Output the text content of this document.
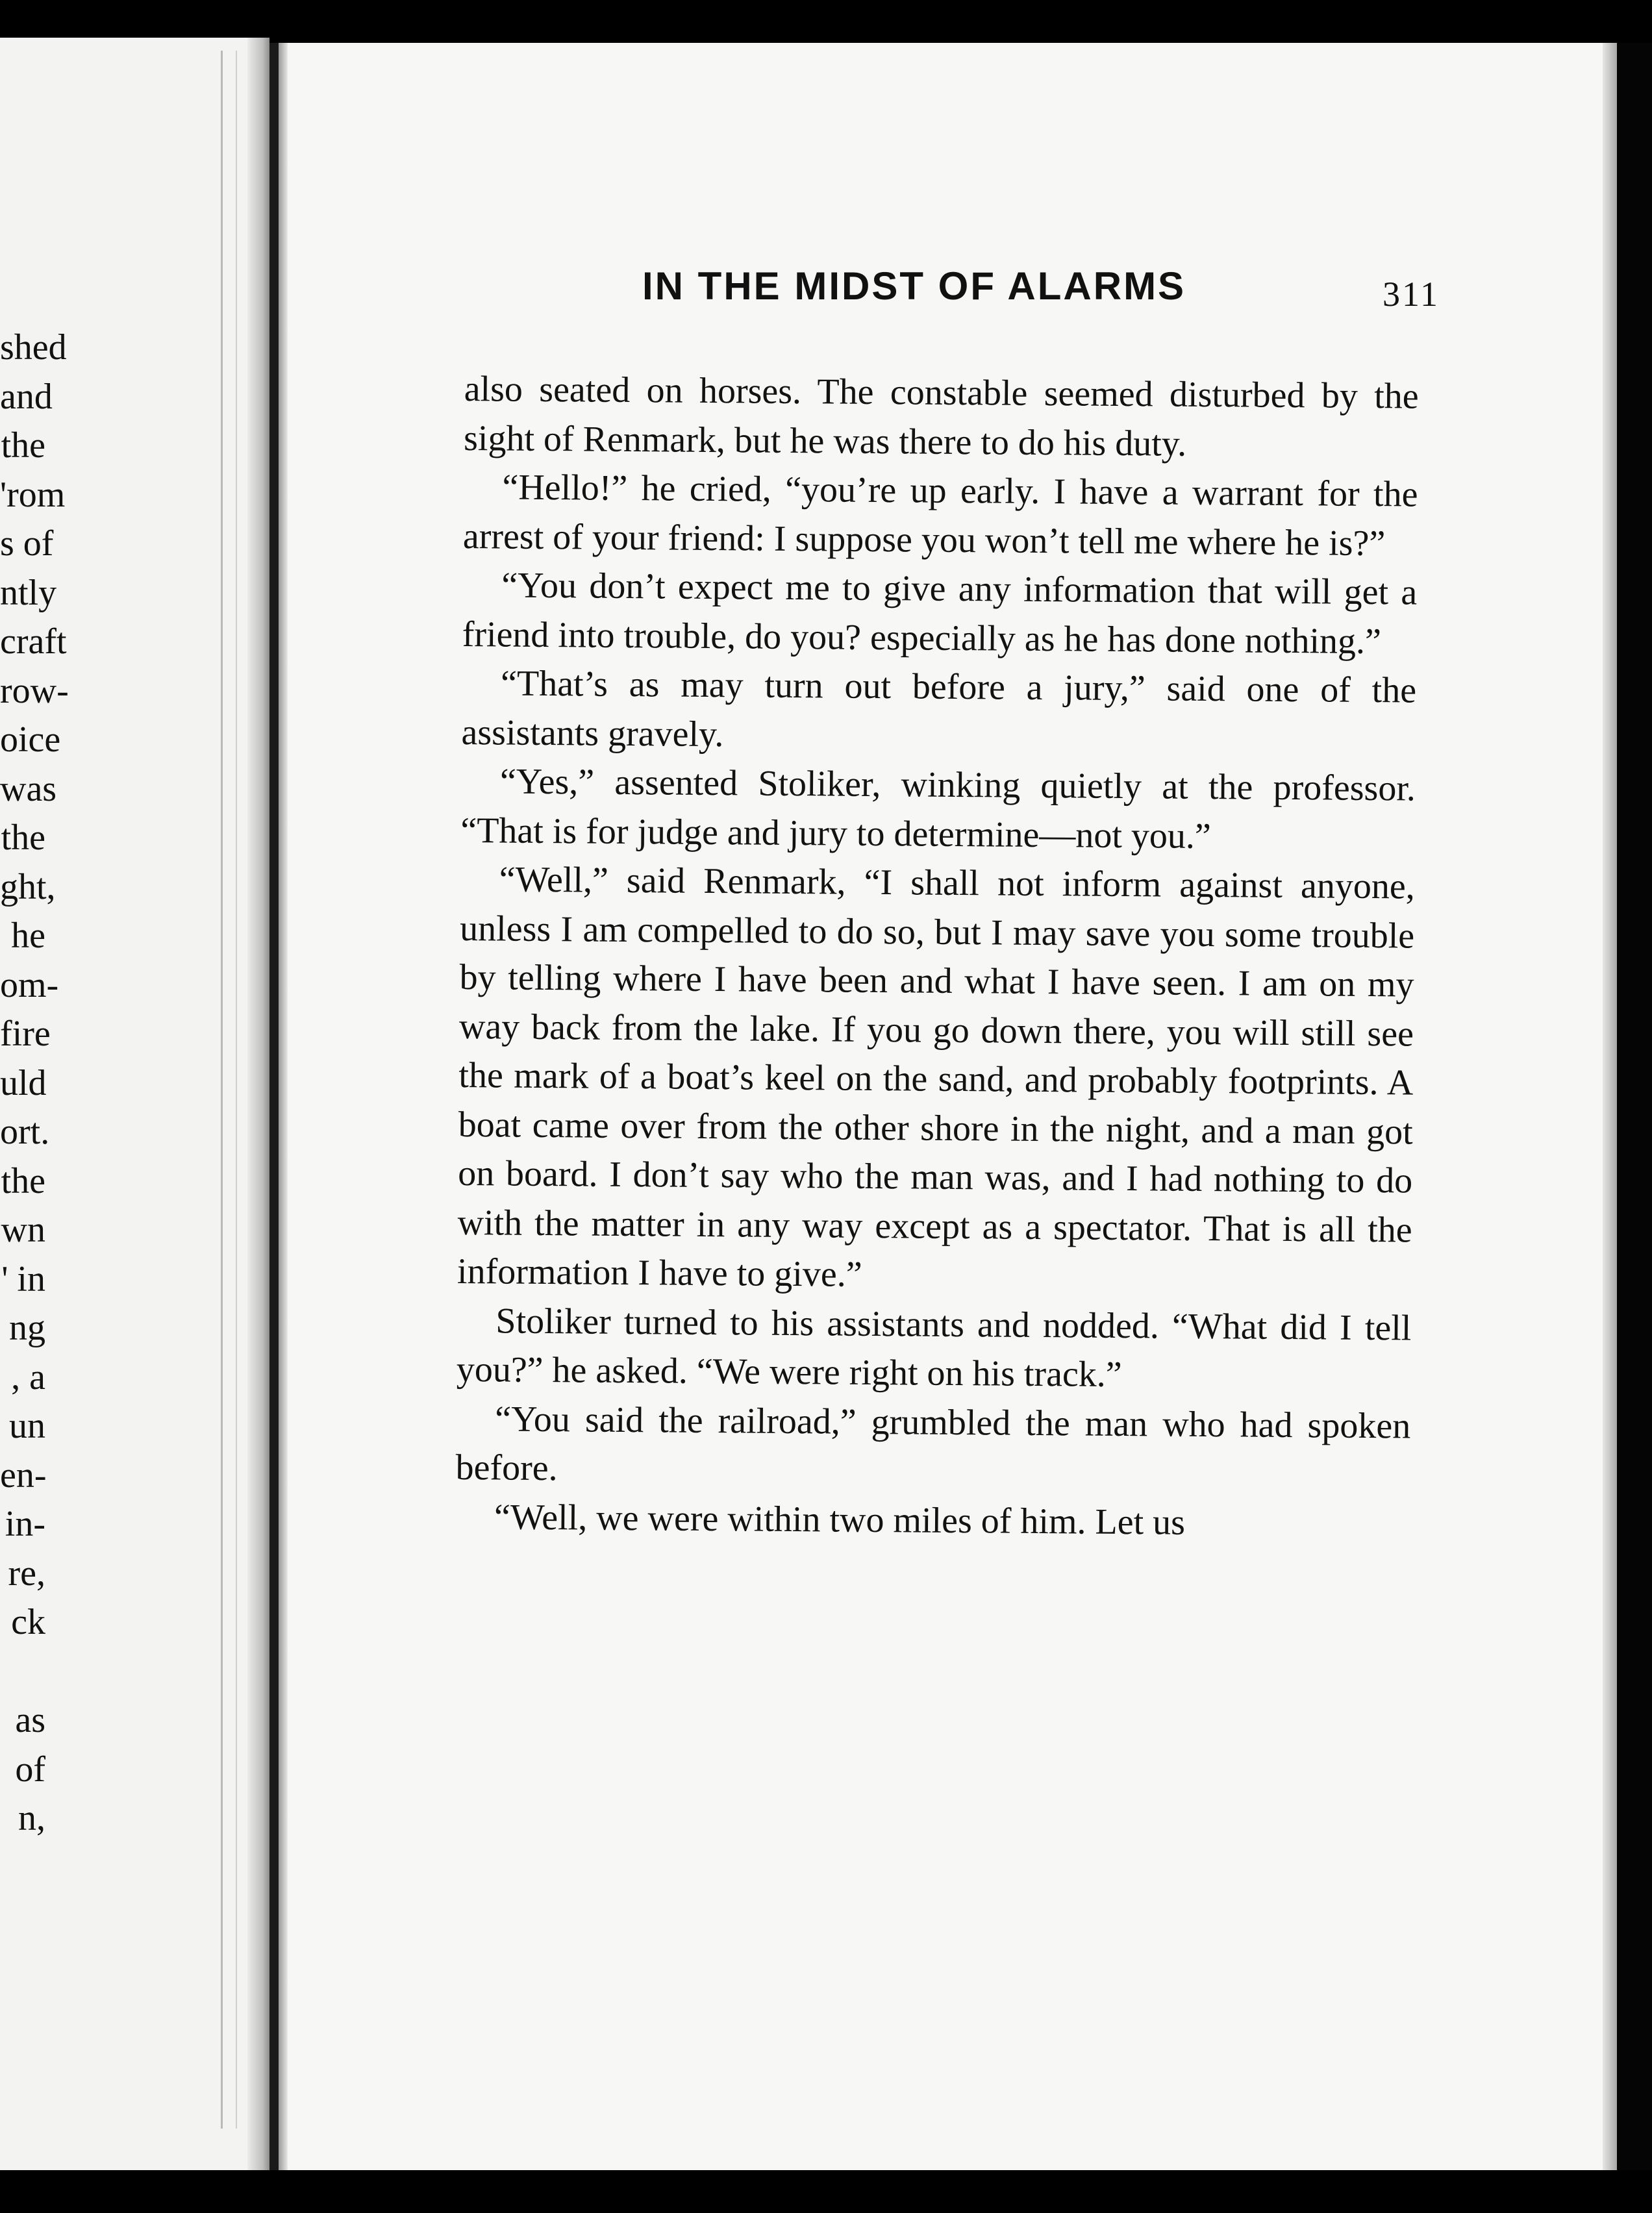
shed
and
the
'rom
s of
ntly
craft
row-
oice
was
the
ght,
he
om-
fire
uld
ort.
the
wn
' in
ng
, a
un
en-
in-
re,
ck
as
of
n,
IN THE MIDST OF ALARMS	311

also seated on horses. The constable seemed disturbed by the sight of Renmark, but he was there to do his duty.

“Hello!” he cried, “you’re up early. I have a warrant for the arrest of your friend: I suppose you won’t tell me where he is?”

“You don’t expect me to give any information that will get a friend into trouble, do you? especially as he has done nothing.”

“That’s as may turn out before a jury,” said one of the assistants gravely.

“Yes,” assented Stoliker, winking quietly at the professor. “That is for judge and jury to determine—not you.”

“Well,” said Renmark, “I shall not inform against anyone, unless I am compelled to do so, but I may save you some trouble by telling where I have been and what I have seen. I am on my way back from the lake. If you go down there, you will still see the mark of a boat’s keel on the sand, and probably footprints. A boat came over from the other shore in the night, and a man got on board. I don’t say who the man was, and I had nothing to do with the matter in any way except as a spectator. That is all the information I have to give.”

Stoliker turned to his assistants and nodded. “What did I tell you?” he asked. “We were right on his track.”

“You said the railroad,” grumbled the man who had spoken before.

“Well, we were within two miles of him. Let us
